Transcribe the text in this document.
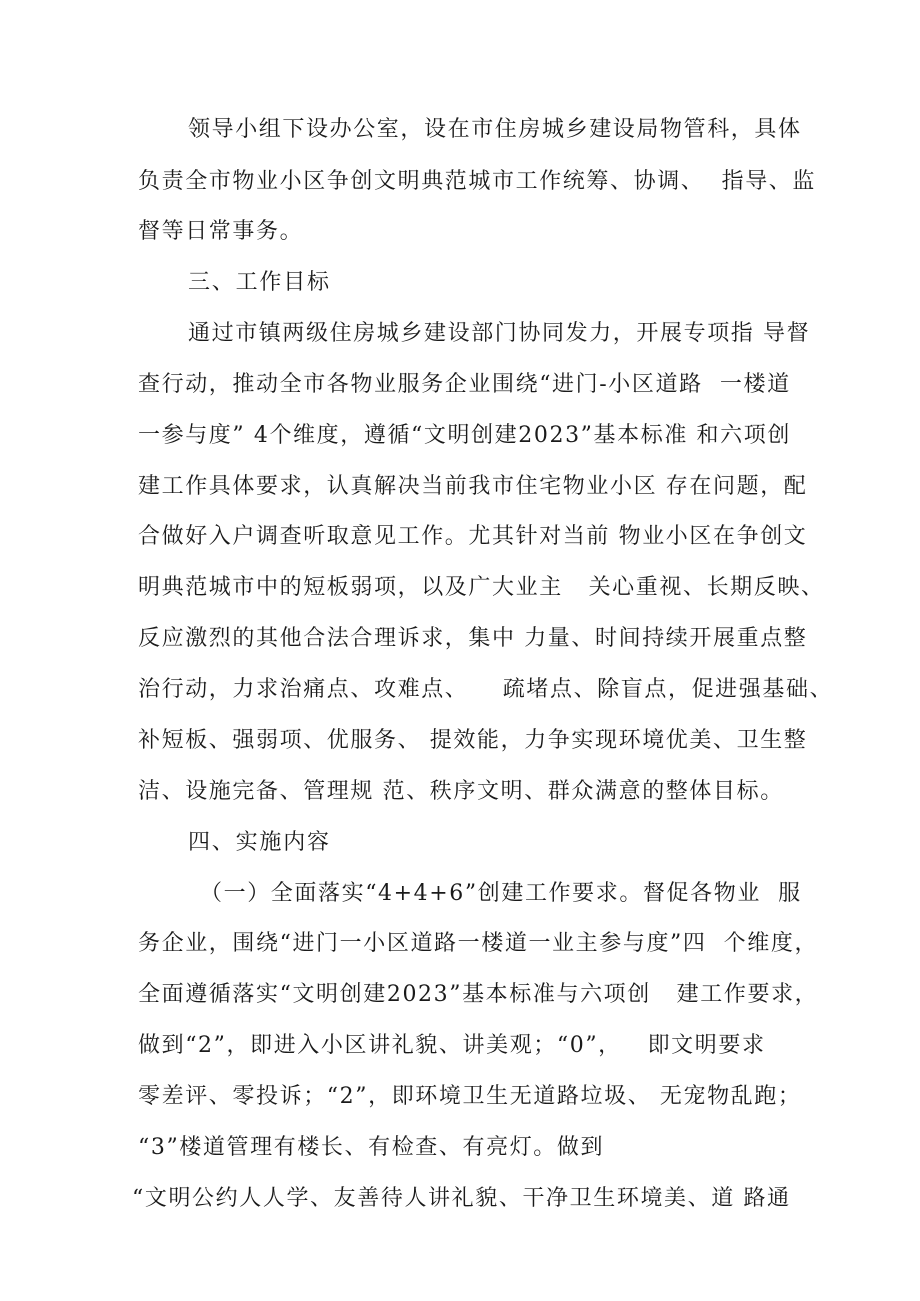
领导小组下设办公室，设在市住房城乡建设局物管科，具体
负责全市物业小区争创文明典范城市工作统筹、协调、  指导、监
督等日常事务。
三、工作目标
通过市镇两级住房城乡建设部门协同发力，开展专项指 导督
查行动，推动全市各物业服务企业围绕“进门-小区道路  一楼道
一参与度” 4个维度，遵循“文明创建2023”基本标准 和六项创
建工作具体要求，认真解决当前我市住宅物业小区 存在问题，配
合做好入户调查听取意见工作。尤其针对当前 物业小区在争创文
明典范城市中的短板弱项，以及广大业主   关心重视、长期反映、
反应激烈的其他合法合理诉求，集中 力量、时间持续开展重点整
治行动，力求治痛点、攻难点、    疏堵点、除盲点，促进强基础、
补短板、强弱项、优服务、 提效能，力争实现环境优美、卫生整
洁、设施完备、管理规 范、秩序文明、群众满意的整体目标。
四、实施内容
（一）全面落实“4+4+6”创建工作要求。督促各物业  服
务企业，围绕“进门一小区道路一楼道一业主参与度”四  个维度，
全面遵循落实“文明创建2023”基本标准与六项创   建工作要求，
做到“2”，即进入小区讲礼貌、讲美观；“0”，   即文明要求
零差评、零投诉；“2”，即环境卫生无道路垃圾、 无宠物乱跑；
“3”楼道管理有楼长、有检查、有亮灯。做到
“文明公约人人学、友善待人讲礼貌、干净卫生环境美、道 路通
